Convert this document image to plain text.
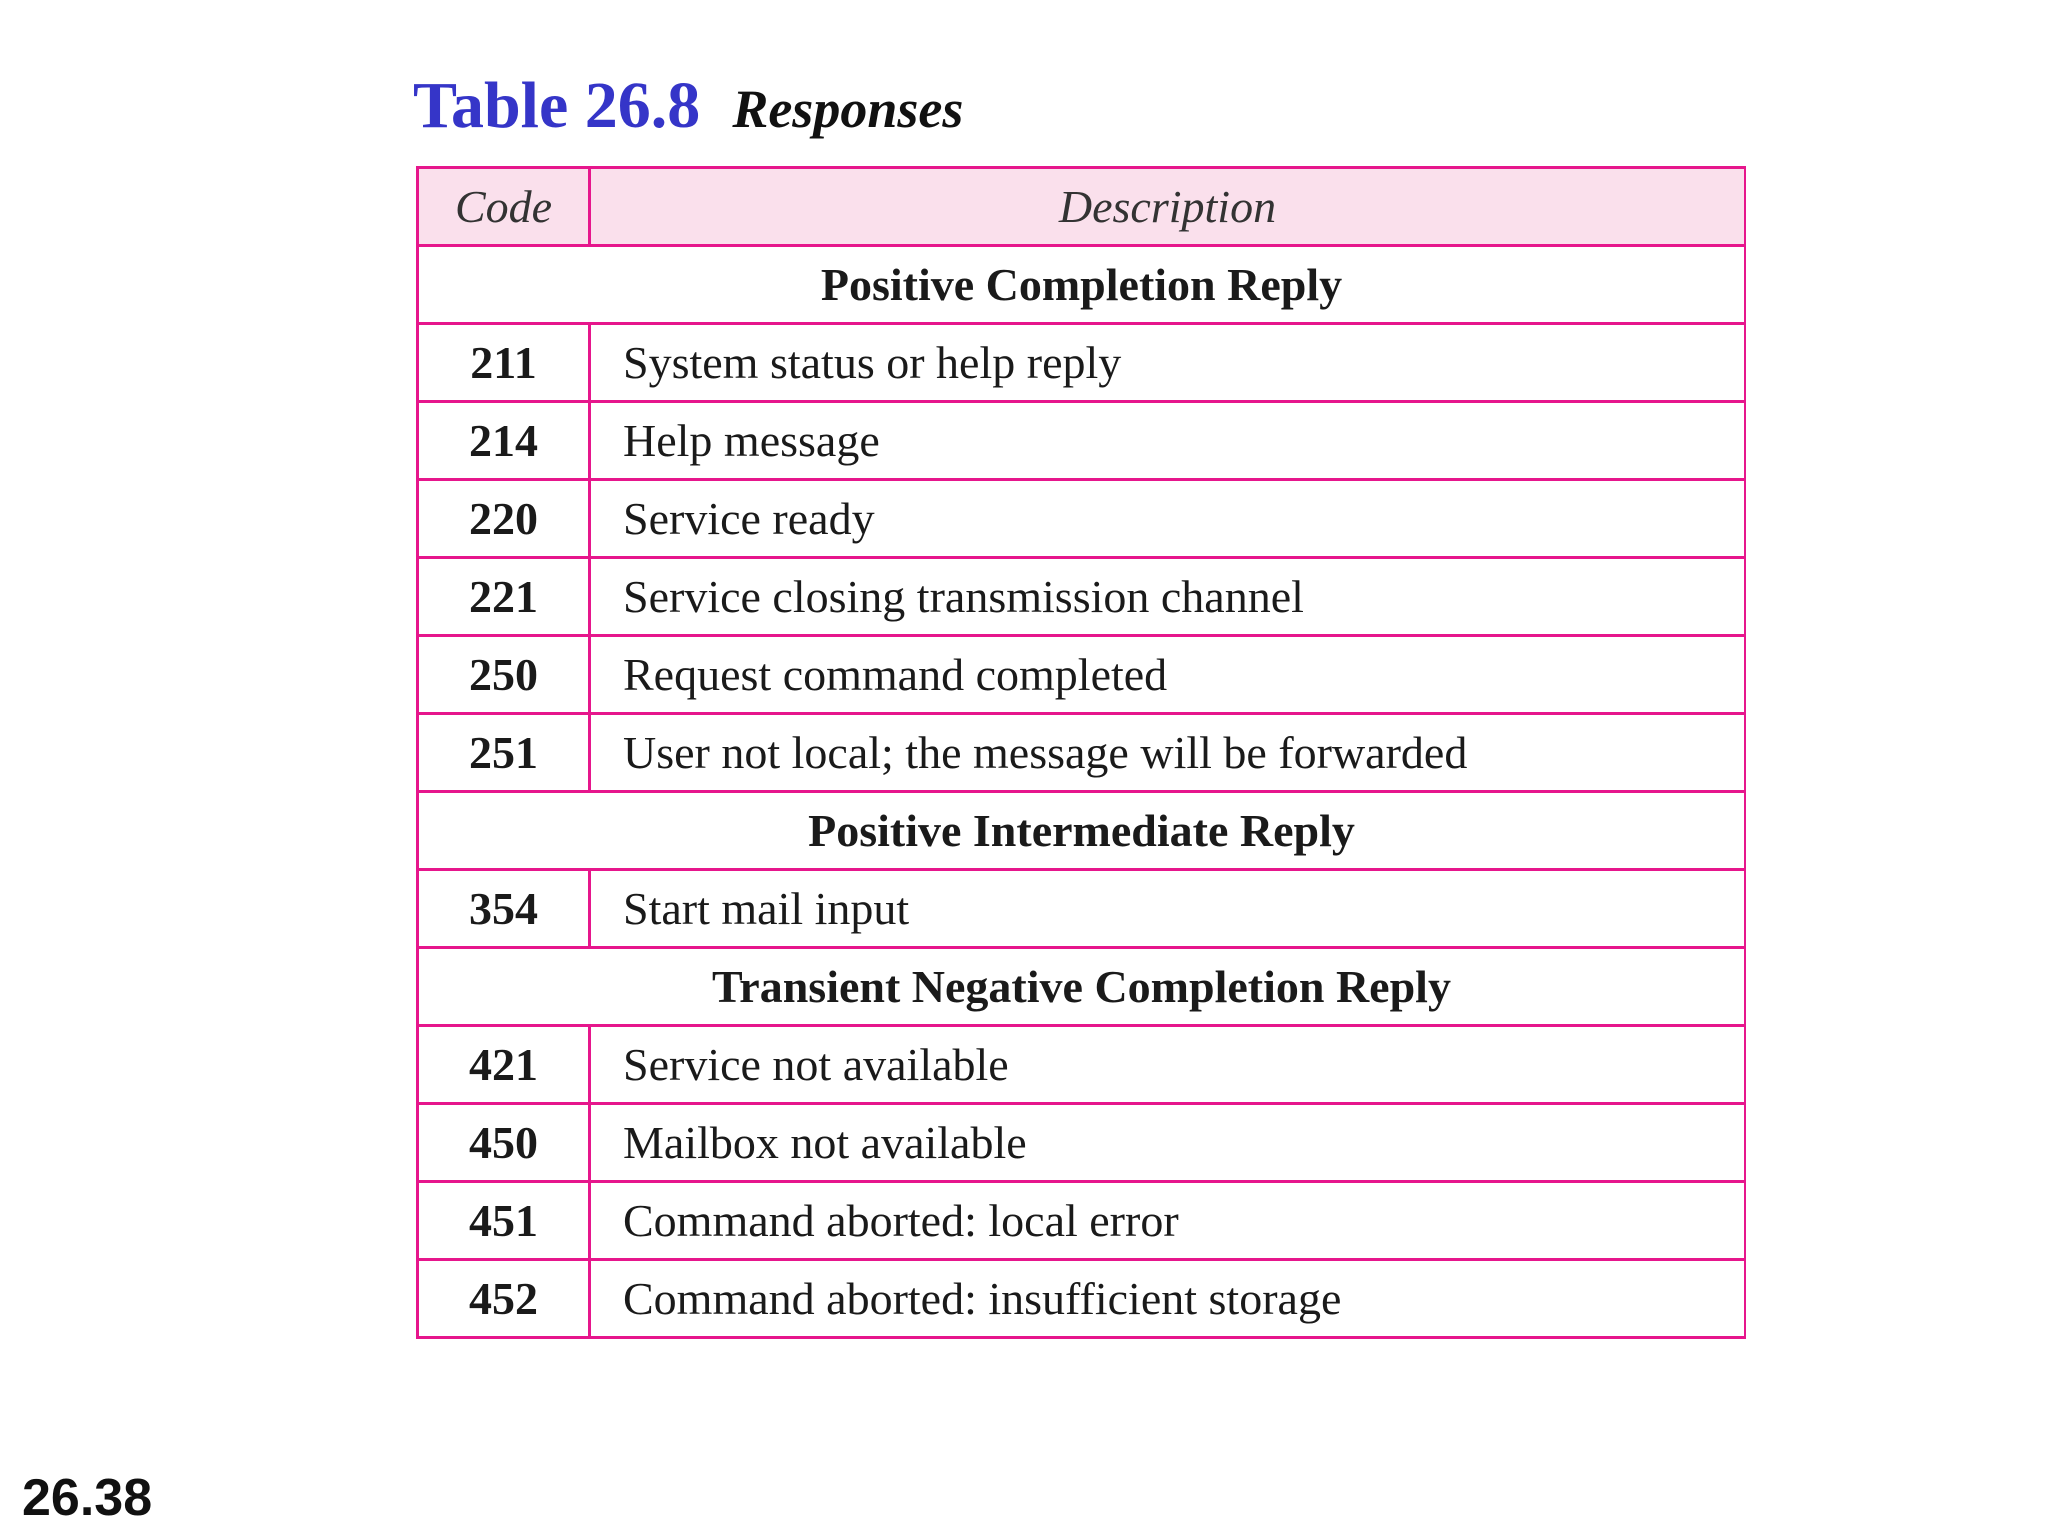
Table 26.8 Responses
Code	Description
Positive Completion Reply	
211	System status or help reply
214	Help message
220	Service ready
221	Service closing transmission channel
250	Request command completed
251	User not local; the message will be forwarded
Positive Intermediate Reply	
354	Start mail input
Transient Negative Completion Reply	
421	Service not available
450	Mailbox not available
451	Command aborted: local error
452	Command aborted: insufficient storage
26.38
